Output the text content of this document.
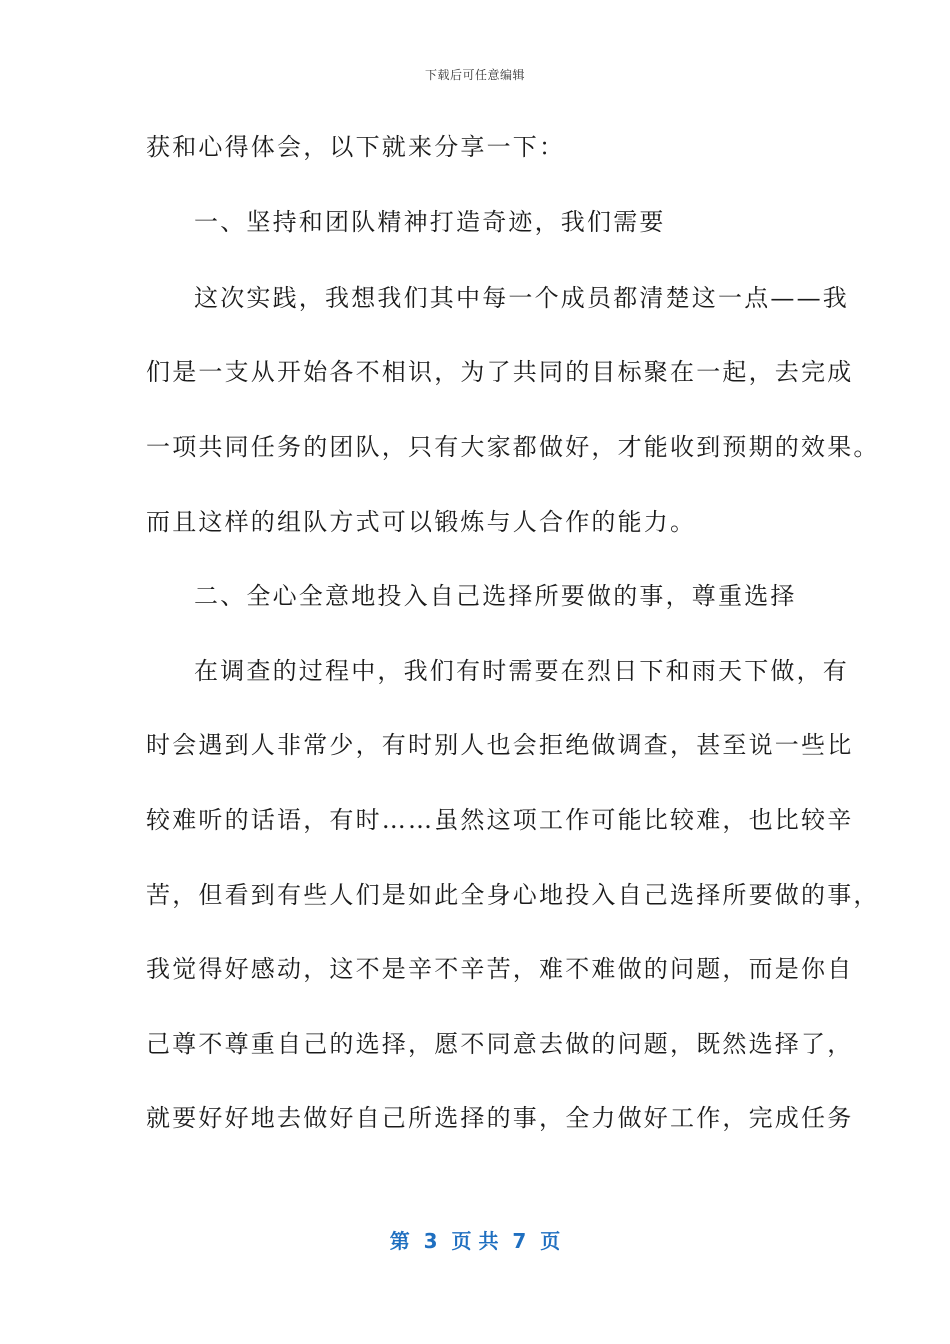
下载后可任意编辑
获和心得体会，以下就来分享一下：
一、坚持和团队精神打造奇迹，我们需要
这次实践，我想我们其中每一个成员都清楚这一点——我
们是一支从开始各不相识，为了共同的目标聚在一起，去完成
一项共同任务的团队，只有大家都做好，才能收到预期的效果。
而且这样的组队方式可以锻炼与人合作的能力。
二、全心全意地投入自己选择所要做的事，尊重选择
在调查的过程中，我们有时需要在烈日下和雨天下做，有
时会遇到人非常少，有时别人也会拒绝做调查，甚至说一些比
较难听的话语，有时……虽然这项工作可能比较难，也比较辛
苦，但看到有些人们是如此全身心地投入自己选择所要做的事，
我觉得好感动，这不是辛不辛苦，难不难做的问题，而是你自
己尊不尊重自己的选择，愿不同意去做的问题，既然选择了，
就要好好地去做好自己所选择的事，全力做好工作，完成任务
第  3  页 共  7  页
